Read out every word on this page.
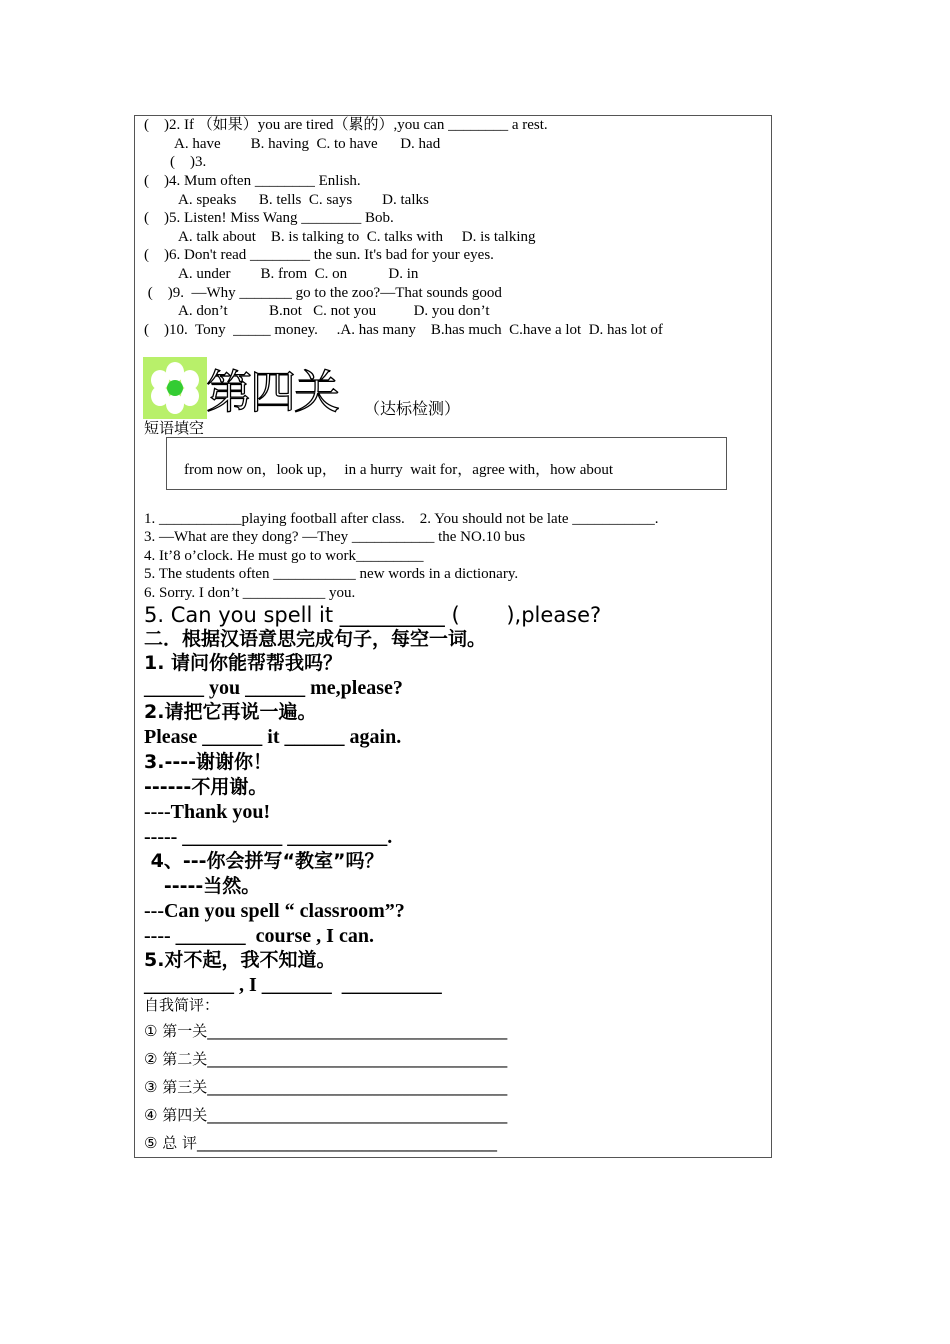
(    )2. If （如果）you are tired（累的）,you can ________ a rest.
A. have        B. having  C. to have      D. had
(    )3.
(    )4. Mum often ________ Enlish.
A. speaks      B. tells  C. says        D. talks
(    )5. Listen! Miss Wang ________ Bob.
A. talk about    B. is talking to  C. talks with     D. is talking
(    )6. Don't read ________ the sun. It's bad for your eyes.
A. under        B. from  C. on           D. in
(    )9.  —Why _______ go to the zoo?—That sounds good
A. don’t           B.not   C. not you          D. you don’t
(    )10.  Tony  _____ money.     .A. has many    B.has much  C.have a lot  D. has lot of
第四关 （达标检测）
短语填空
from now on，look up，  in a hurry  wait for，agree with，how about
1. ___________playing football after class.    2. You should not be late ___________.
3. —What are they dong? —They ___________ the NO.10 bus
4. It’8 o’clock. He must go to work_________
5. The students often ___________ new words in a dictionary.
6. Sorry. I don’t ___________ you.
5. Can you spell it __________ (       ),please?
二．根据汉语意思完成句子，每空一词。
1. 请问你能帮帮我吗？
______ you ______ me,please?
2.请把它再说一遍。
Please ______ it ______ again.
3.----谢谢你！
------不用谢。
----Thank you!
----- __________ __________.
4、---你会拼写“教室”吗？
-----当然。
---Can you spell “ classroom”?
---- _______  course , I can.
5.对不起，我不知道。
_________ , I _______  __________
自我简评：
① 第一关________________________________________
② 第二关________________________________________
③ 第三关________________________________________
④ 第四关________________________________________
⑤ 总 评________________________________________
